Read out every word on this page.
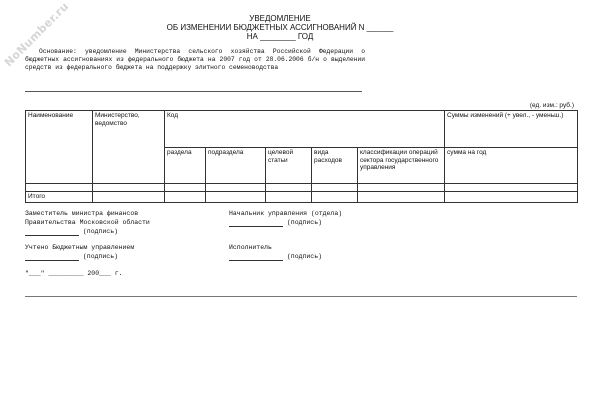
NoNumber.ru	УВЕДОМЛЕНИЕ
ОБ ИЗМЕНЕНИИ БЮДЖЕТНЫХ АССИГНОВАНИЙ N ______
НА ________ ГОД
Основание: уведомление Министерства сельского хозяйства Российской Федерации о бюджетных ассигнованиях из федерального бюджета на 2007 год от 28.06.2006 б/н о выделении средств из федерального бюджета на поддержку элитного семеноводства
(ед. изм.: руб.)
Наименование	Министерство, ведомство	Код					Суммы изменений (+ увел., - уменьш.)
		раздела	подраздела	целевой статьи	вида расходов	классификации операций сектора государственного управления	сумма на год

Итого							
Заместитель министра финансов
Правительства Московской области
(подпись)
Начальник управления (отдела)
(подпись)
Учтено Бюджетным управлением
(подпись)
Исполнитель
(подпись)
"___" _________ 200___ г.
